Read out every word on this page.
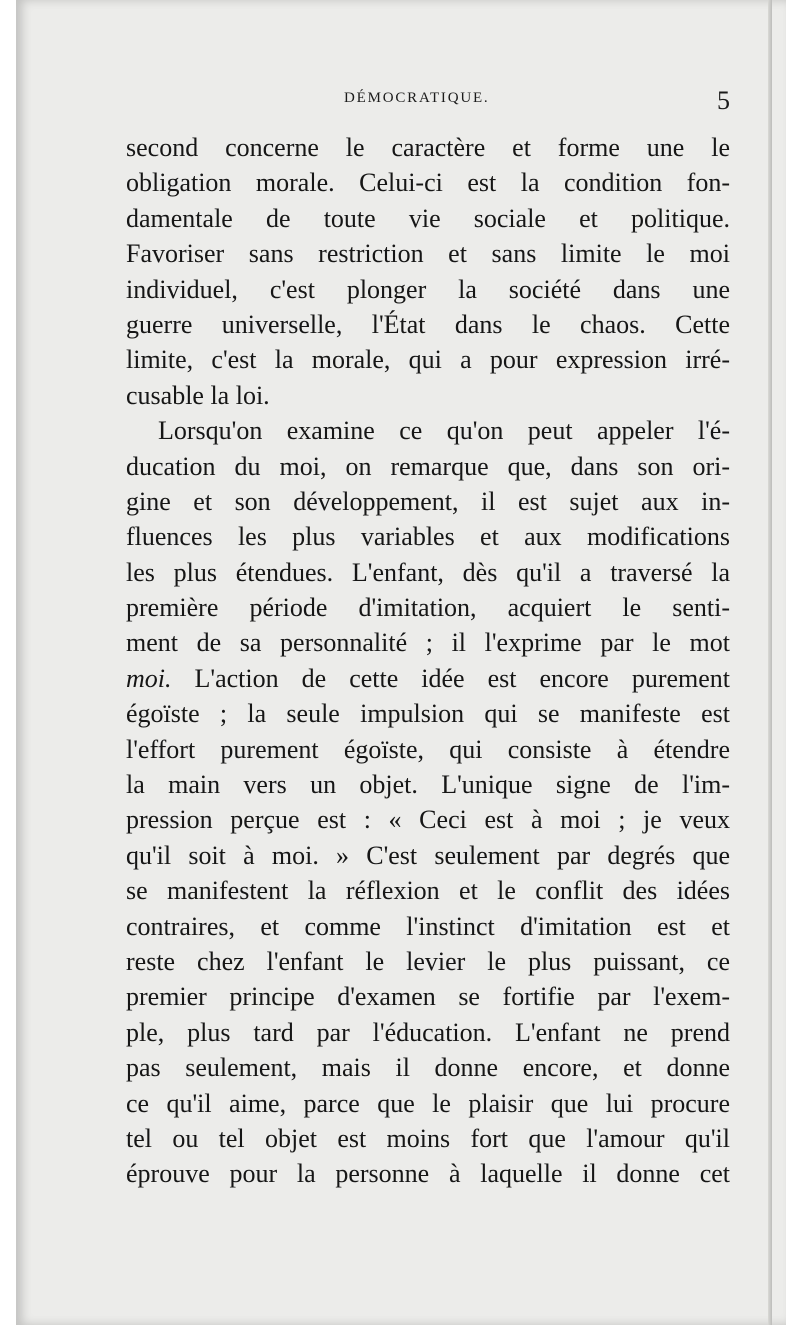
DÉMOCRATIQUE.	5
second concerne le caractère et forme une le
obligation morale. Celui-ci est la condition fon-
damentale de toute vie sociale et politique.
Favoriser sans restriction et sans limite le moi
individuel, c'est plonger la société dans une
guerre universelle, l'État dans le chaos. Cette
limite, c'est la morale, qui a pour expression irré-
cusable la loi.
Lorsqu'on examine ce qu'on peut appeler l'é-
ducation du moi, on remarque que, dans son ori-
gine et son développement, il est sujet aux in-
fluences les plus variables et aux modifications
les plus étendues. L'enfant, dès qu'il a traversé la
première période d'imitation, acquiert le senti-
ment de sa personnalité ; il l'exprime par le mot
moi. L'action de cette idée est encore purement
égoïste ; la seule impulsion qui se manifeste est
l'effort purement égoïste, qui consiste à étendre
la main vers un objet. L'unique signe de l'im-
pression perçue est : « Ceci est à moi ; je veux
qu'il soit à moi. » C'est seulement par degrés que
se manifestent la réflexion et le conflit des idées
contraires, et comme l'instinct d'imitation est et
reste chez l'enfant le levier le plus puissant, ce
premier principe d'examen se fortifie par l'exem-
ple, plus tard par l'éducation. L'enfant ne prend
pas seulement, mais il donne encore, et donne
ce qu'il aime, parce que le plaisir que lui procure
tel ou tel objet est moins fort que l'amour qu'il
éprouve pour la personne à laquelle il donne cet
